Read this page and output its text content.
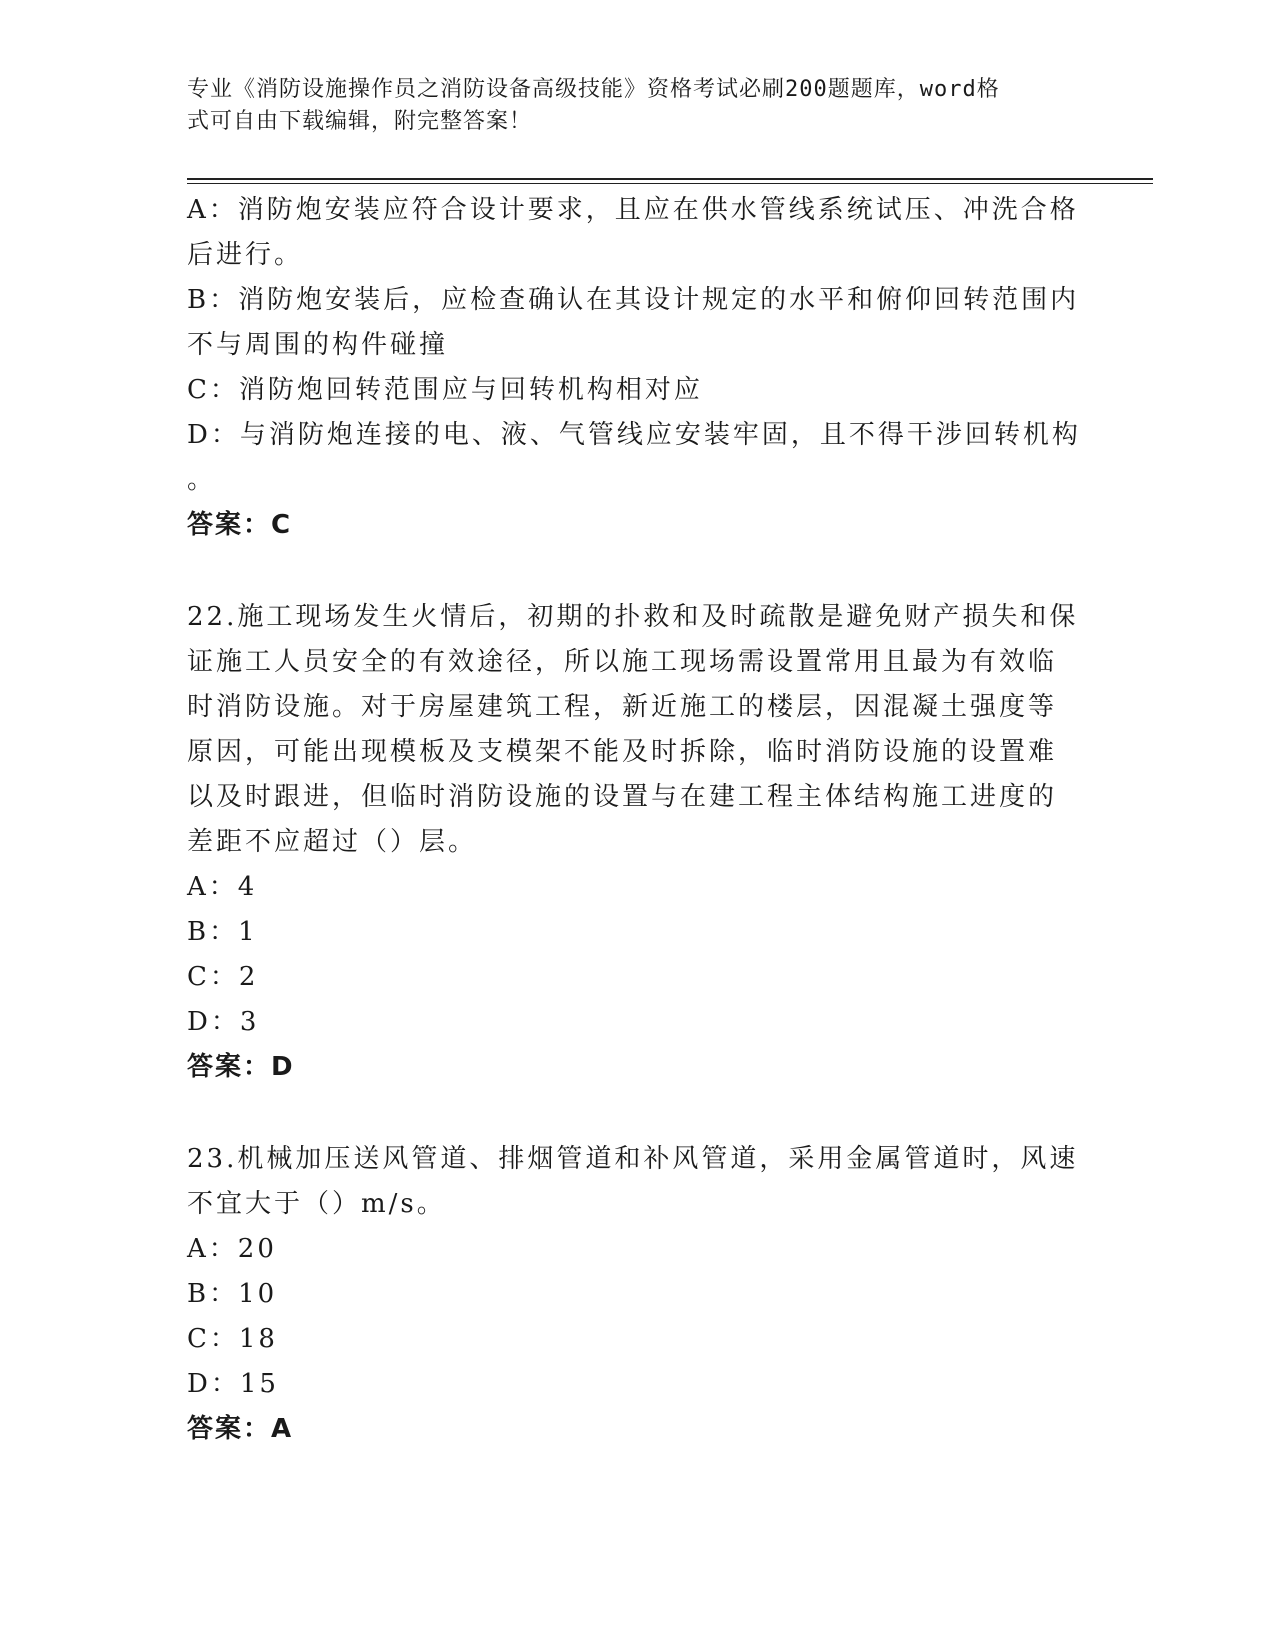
专业《消防设施操作员之消防设备高级技能》资格考试必刷200题题库，word格
式可自由下载编辑，附完整答案！
A：消防炮安装应符合设计要求，且应在供水管线系统试压、冲洗合格
后进行。
B：消防炮安装后，应检查确认在其设计规定的水平和俯仰回转范围内
不与周围的构件碰撞
C：消防炮回转范围应与回转机构相对应
D：与消防炮连接的电、液、气管线应安装牢固，且不得干涉回转机构
。
答案：C
22.施工现场发生火情后，初期的扑救和及时疏散是避免财产损失和保
证施工人员安全的有效途径，所以施工现场需设置常用且最为有效临
时消防设施。对于房屋建筑工程，新近施工的楼层，因混凝土强度等
原因，可能出现模板及支模架不能及时拆除，临时消防设施的设置难
以及时跟进，但临时消防设施的设置与在建工程主体结构施工进度的
差距不应超过（）层。
A：4
B：1
C：2
D：3
答案：D
23.机械加压送风管道、排烟管道和补风管道，采用金属管道时，风速
不宜大于（）m/s。
A：20
B：10
C：18
D：15
答案：A
